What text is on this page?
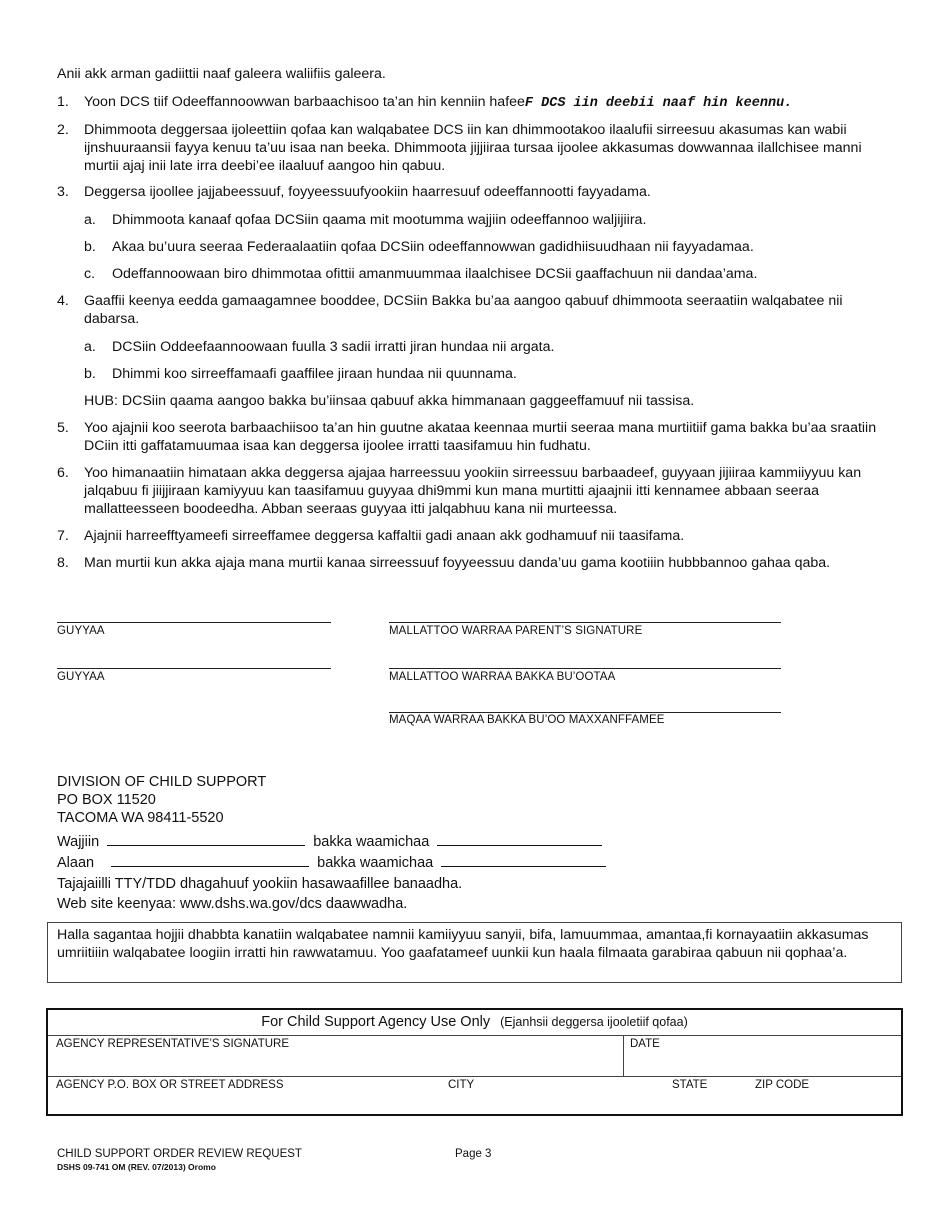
Anii akk arman gadiittii naaf galeera waliifiis galeera.
1. Yoon DCS tiif Odeeffannoowwan barbaachisoo ta’an hin kenniin hafeeF DCS iin deebii naaf hin keennu.
2. Dhimmoota deggersaa ijoleettiin qofaa kan walqabatee DCS iin kan dhimmootakoo ilaalufii sirreesuu akasumas kan wabii ijnshuuraansii fayya kenuu ta’uu isaa nan beeka. Dhimmoota jijjiiraa tursaa ijoolee akkasumas dowwannaa ilallchisee manni murtii ajaj inii late irra deebi’ee ilaaluuf aangoo hin qabuu.
3. Deggersa ijoollee jajjabeessuuf, foyyeessuufyookiin haarresuuf odeeffannootti fayyadama.
a. Dhimmoota kanaaf qofaa DCSiin qaama mit mootumma wajjiin odeeffannoo waljijiira.
b. Akaa bu’uura seeraa Federaalaatiin qofaa DCSiin odeeffannowwan gadidhiisuudhaan nii fayyadamaa.
c. Odeffannoowaan biro dhimmotaa ofittii amanmuummaa ilaalchisee DCSii gaaffachuun nii dandaa’ama.
4. Gaaffii keenya eedda gamaagamnee booddee, DCSiin Bakka bu’aa aangoo qabuuf dhimmoota seeraatiin walqabatee nii dabarsa.
a. DCSiin Oddeefaannoowaan fuulla 3 sadii irratti jiran hundaa nii argata.
b. Dhimmi koo sirreeffamaafi gaaffilee jiraan hundaa nii quunnama.
HUB: DCSiin qaama aangoo bakka bu’iinsaa qabuuf akka himmanaan gaggeeffamuuf nii tassisa.
5. Yoo ajajnii koo seerota barbaachiisoo ta’an hin guutne akataa keennaa murtii seeraa mana murtiitiif gama bakka bu’aa sraatiin DCiin itti gaffatamuumaa isaa kan deggersa ijoolee irratti taasifamuu hin fudhatu.
6. Yoo himanaatiin himataan akka deggersa ajajaa harreessuu yookiin sirreessuu barbaadeef, guyyaan jijiiraa kammiiyyuu kan jalqabuu fi jiijjiraan kamiyyuu kan taasifamuu guyyaa dhi9mmi kun mana murtitti ajaajnii itti kennamee abbaan seeraa mallatteesseen boodeedha. Abban seeraas guyyaa itti jalqabhuu kana nii murteessa.
7. Ajajnii harreefftyameefi sirreeffamee deggersa kaffaltii gadi anaan akk godhamuuf nii taasifama.
8. Man murtii kun akka ajaja mana murtii kanaa sirreessuuf foyyeessuu danda’uu gama kootiiin hubbbannoo gahaa qaba.
GUYYAA	MALLATTOO WARRAA PARENT’S SIGNATURE
GUYYAA	MALLATTOO WARRAA BAKKA BU’OOTAA
MAQAA WARRAA BAKKA BU’OO MAXXANFFAMEE
DIVISION OF CHILD SUPPORT
PO BOX 11520
TACOMA WA 98411-5520
Wajjiin	bakka waamichaa
Alaan	bakka waamichaa
Tajajaiilli TTY/TDD dhagahuuf yookiin hasawaafillee banaadha.
Web site keenyaa: www.dshs.wa.gov/dcs daawwadha.
Halla sagantaa hojjii dhabbta kanatiin walqabatee namnii kamiiyyuu sanyii, bifa, lamuummaa, amantaa,fi kornayaatiin akkasumas umriitiiin walqabatee loogiin irratti hin rawwatamuu. Yoo gaafatameef uunkii kun haala filmaata garabiraa qabuun nii qophaa’a.
For Child Support Agency Use Only (Ejanhsii deggersa ijooletiif qofaa)
AGENCY REPRESENTATIVE’S SIGNATURE	DATE
AGENCY P.O. BOX OR STREET ADDRESS	CITY	STATE	ZIP CODE
CHILD SUPPORT ORDER REVIEW REQUEST
DSHS 09-741 OM (REV. 07/2013) Oromo
Page 3
